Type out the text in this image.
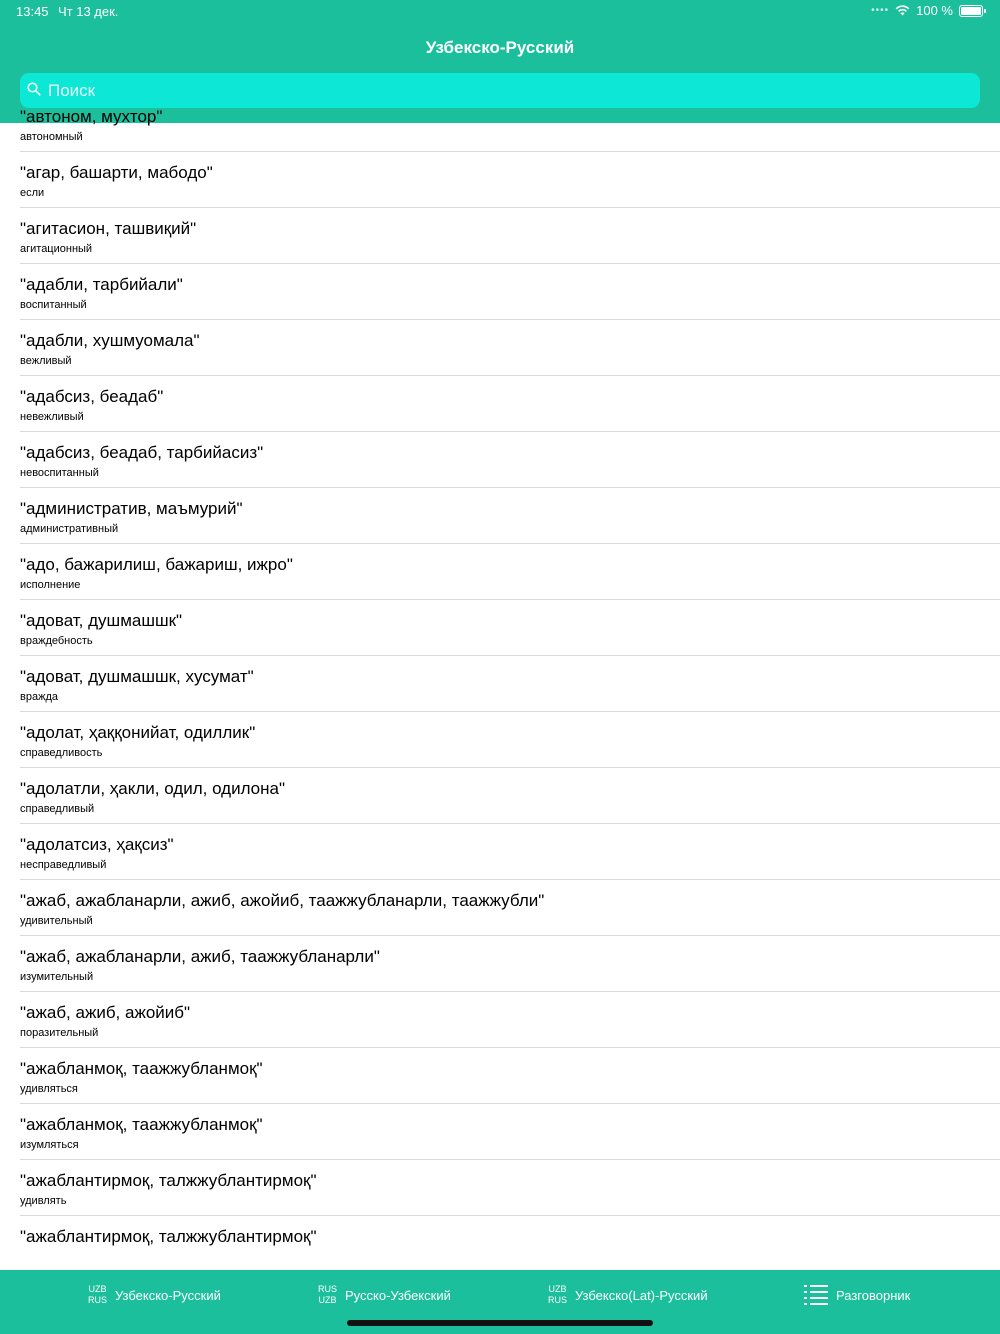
13:45 Чт 13 дек.	•••• 100 %
Узбекско-Русский
Поиск
"автоном, мухтор"
автономный
"агар, башарти, мабодо"
если
"агитасион, ташвиқий"
агитационный
"адабли, тарбийали"
воспитанный
"адабли, хушмуомала"
вежливый
"адабсиз, беадаб"
невежливый
"адабсиз, беадаб, тарбийасиз"
невоспитанный
"административ, маъмурий"
административный
"адо, бажарилиш, бажариш, ижро"
исполнение
"адоват, душмашшк"
враждебность
"адоват, душмашшк, хусумат"
вражда
"адолат, ҳаққонийат, одиллик"
справедливость
"адолатли, ҳакли, одил, одилона"
справедливый
"адолатсиз, ҳақсиз"
несправедливый
"ажаб, ажабланарли, ажиб, ажойиб, таажжубланарли, таажжубли"
удивительный
"ажаб, ажабланарли, ажиб, таажжубланарли"
изумительный
"ажаб, ажиб, ажойиб"
поразительный
"ажабланмоқ, таажжубланмоқ"
удивляться
"ажабланмоқ, таажжубланмоқ"
изумляться
"ажаблантирмоқ, талжжублантирмоқ"
удивлять
"ажаблантирмоқ, талжжублантирмоқ"
UZB
RUS Узбекско-Русский	RUS
UZB Русско-Узбекский	UZB
RUS Узбекско(Lat)-Русский	Разговорник
